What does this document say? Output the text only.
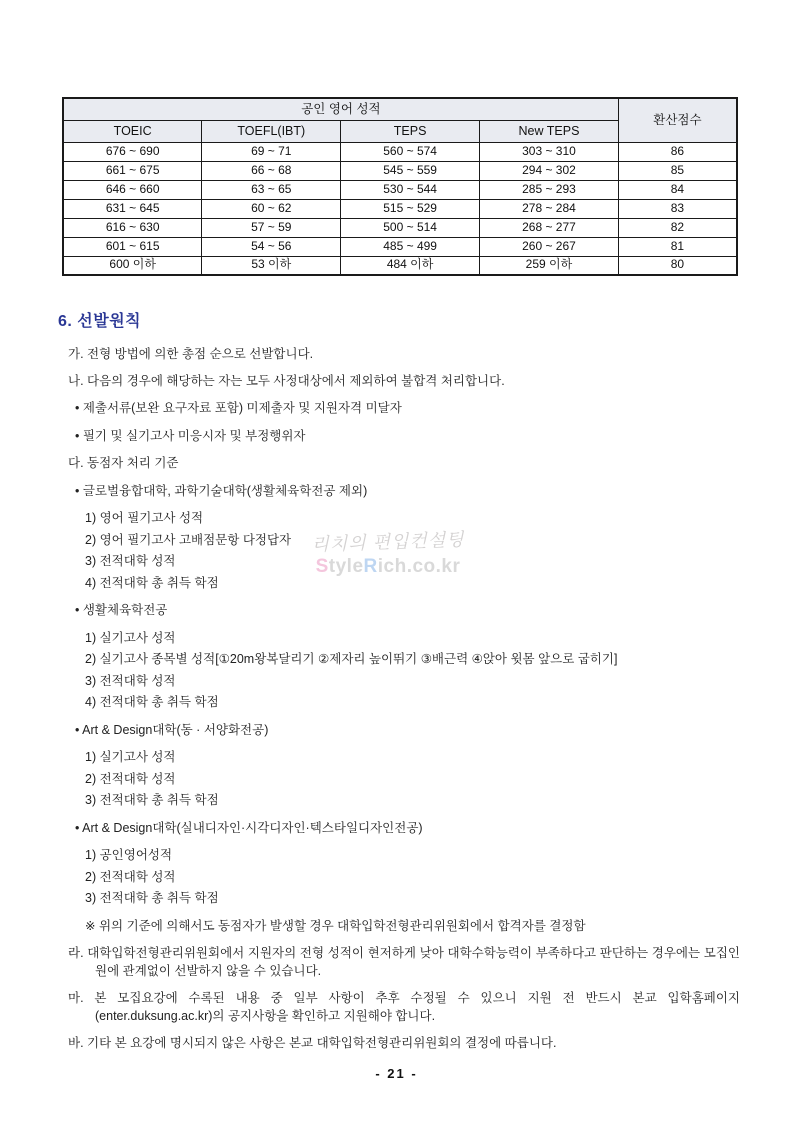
공인 영어 성적				환산점수
TOEIC	TOEFL(IBT)	TEPS	New TEPS	
676 ~ 690	69 ~ 71	560 ~ 574	303 ~ 310	86
661 ~ 675	66 ~ 68	545 ~ 559	294 ~ 302	85
646 ~ 660	63 ~ 65	530 ~ 544	285 ~ 293	84
631 ~ 645	60 ~ 62	515 ~ 529	278 ~ 284	83
616 ~ 630	57 ~ 59	500 ~ 514	268 ~ 277	82
601 ~ 615	54 ~ 56	485 ~ 499	260 ~ 267	81
600 이하	53 이하	484 이하	259 이하	80
6. 선발원칙
가. 전형 방법에 의한 총점 순으로 선발합니다.
나. 다음의 경우에 해당하는 자는 모두 사정대상에서 제외하여 불합격 처리합니다.
• 제출서류(보완 요구자료 포함) 미제출자 및 지원자격 미달자
• 필기 및 실기고사 미응시자 및 부정행위자
다. 동점자 처리 기준
• 글로벌융합대학, 과학기술대학(생활체육학전공 제외)
1) 영어 필기고사 성적
2) 영어 필기고사 고배점문항 다정답자
3) 전적대학 성적
4) 전적대학 총 취득 학점
• 생활체육학전공
1) 실기고사 성적
2) 실기고사 종목별 성적[①20m왕복달리기 ②제자리 높이뛰기 ③배근력 ④앉아 윗몸 앞으로 굽히기]
3) 전적대학 성적
4) 전적대학 총 취득 학점
• Art & Design대학(동 · 서양화전공)
1) 실기고사 성적
2) 전적대학 성적
3) 전적대학 총 취득 학점
• Art & Design대학(실내디자인·시각디자인·텍스타일디자인전공)
1) 공인영어성적
2) 전적대학 성적
3) 전적대학 총 취득 학점
※ 위의 기준에 의해서도 동점자가 발생할 경우 대학입학전형관리위원회에서 합격자를 결정함
라. 대학입학전형관리위원회에서 지원자의 전형 성적이 현저하게 낮아 대학수학능력이 부족하다고 판단하는 경우에는 모집인원에 관계없이 선발하지 않을 수 있습니다.
마. 본 모집요강에 수록된 내용 중 일부 사항이 추후 수정될 수 있으니 지원 전 반드시 본교 입학홈페이지 (enter.duksung.ac.kr)의 공지사항을 확인하고 지원해야 합니다.
바. 기타 본 요강에 명시되지 않은 사항은 본교 대학입학전형관리위원회의 결정에 따릅니다.
리치의 편입컨설팅
StyleRich.co.kr
- 21 -
